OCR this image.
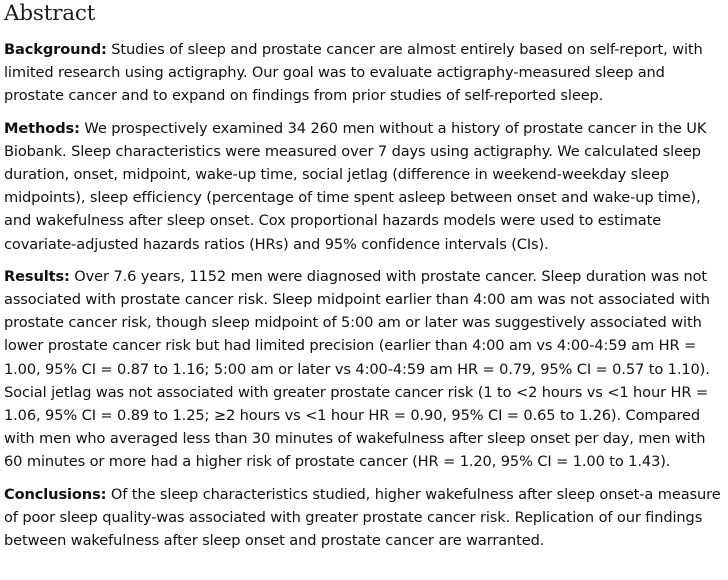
Abstract

Background: Studies of sleep and prostate cancer are almost entirely based on self-report, with limited research using actigraphy. Our goal was to evaluate actigraphy-measured sleep and prostate cancer and to expand on findings from prior studies of self-reported sleep.

Methods: We prospectively examined 34 260 men without a history of prostate cancer in the UK Biobank. Sleep characteristics were measured over 7 days using actigraphy. We calculated sleep duration, onset, midpoint, wake-up time, social jetlag (difference in weekend-weekday sleep midpoints), sleep efficiency (percentage of time spent asleep between onset and wake-up time), and wakefulness after sleep onset. Cox proportional hazards models were used to estimate covariate-adjusted hazards ratios (HRs) and 95% confidence intervals (CIs).

Results: Over 7.6 years, 1152 men were diagnosed with prostate cancer. Sleep duration was not associated with prostate cancer risk. Sleep midpoint earlier than 4:00 am was not associated with prostate cancer risk, though sleep midpoint of 5:00 am or later was suggestively associated with lower prostate cancer risk but had limited precision (earlier than 4:00 am vs 4:00-4:59 am HR = 1.00, 95% CI = 0.87 to 1.16; 5:00 am or later vs 4:00-4:59 am HR = 0.79, 95% CI = 0.57 to 1.10). Social jetlag was not associated with greater prostate cancer risk (1 to <2 hours vs <1 hour HR = 1.06, 95% CI = 0.89 to 1.25; ≥2 hours vs <1 hour HR = 0.90, 95% CI = 0.65 to 1.26). Compared with men who averaged less than 30 minutes of wakefulness after sleep onset per day, men with 60 minutes or more had a higher risk of prostate cancer (HR = 1.20, 95% CI = 1.00 to 1.43).

Conclusions: Of the sleep characteristics studied, higher wakefulness after sleep onset-a measure of poor sleep quality-was associated with greater prostate cancer risk. Replication of our findings between wakefulness after sleep onset and prostate cancer are warranted.
